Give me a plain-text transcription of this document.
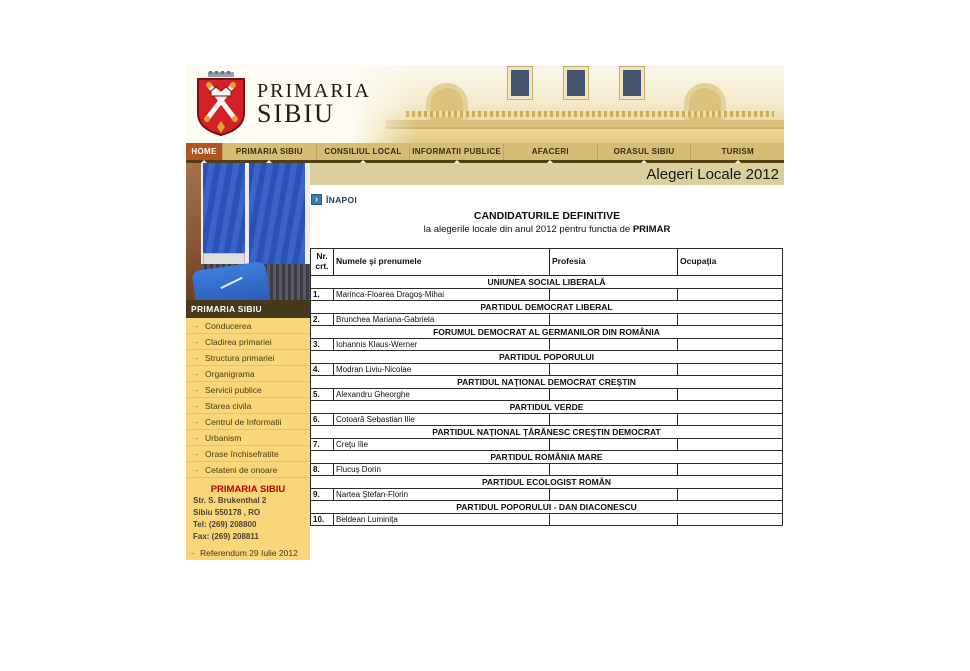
PRIMARIA
SIBIU
HOME	PRIMARIA SIBIU	CONSILIUL LOCAL	INFORMATII PUBLICE	AFACERI	ORASUL SIBIU	TURISM
PRIMARIA SIBIU
→ Conducerea
→ Cladirea primariei
→ Structura primariei
→ Organigrama
→ Servicii publice
→ Starea civila
→ Centrul de Informatii
→ Urbanism
→ Orase închisefratite
→ Cetateni de onoare
PRIMARIA SIBIU
Str. S. Brukenthal 2
Sibiu 550178 , RO
Tel: (269) 208800
Fax: (269) 208811
→ Referendum 29 Iulie 2012
Alegeri Locale 2012
› ÎNAPOI
CANDIDATURILE DEFINITIVE
la alegerile locale din anul 2012 pentru functia de PRIMAR
Nr. crt.	Numele şi prenumele	Profesia	Ocupaţia
UNIUNEA SOCIAL LIBERALĂ			
1.	Marinca-Floarea Dragoş-Mihai		
PARTIDUL DEMOCRAT LIBERAL			
2.	Brunchea Mariana-Gabriela		
FORUMUL DEMOCRAT AL GERMANILOR DIN ROMÂNIA			
3.	Iohannis Klaus-Werner		
PARTIDUL POPORULUI			
4.	Modran Liviu-Nicolae		
PARTIDUL NAŢIONAL DEMOCRAT CREŞTIN			
5.	Alexandru Gheorghe		
PARTIDUL VERDE			
6.	Cotoară Sebastian Ilie		
PARTIDUL NAŢIONAL ŢĂRĂNESC CREŞTIN DEMOCRAT			
7.	Creţu Ilie		
PARTIDUL ROMÂNIA MARE			
8.	Flucuş Dorin		
PARTIDUL ECOLOGIST ROMÂN			
9.	Nartea Ştefan-Florin		
PARTIDUL POPORULUI - DAN DIACONESCU			
10.	Beldean Luminiţa		
